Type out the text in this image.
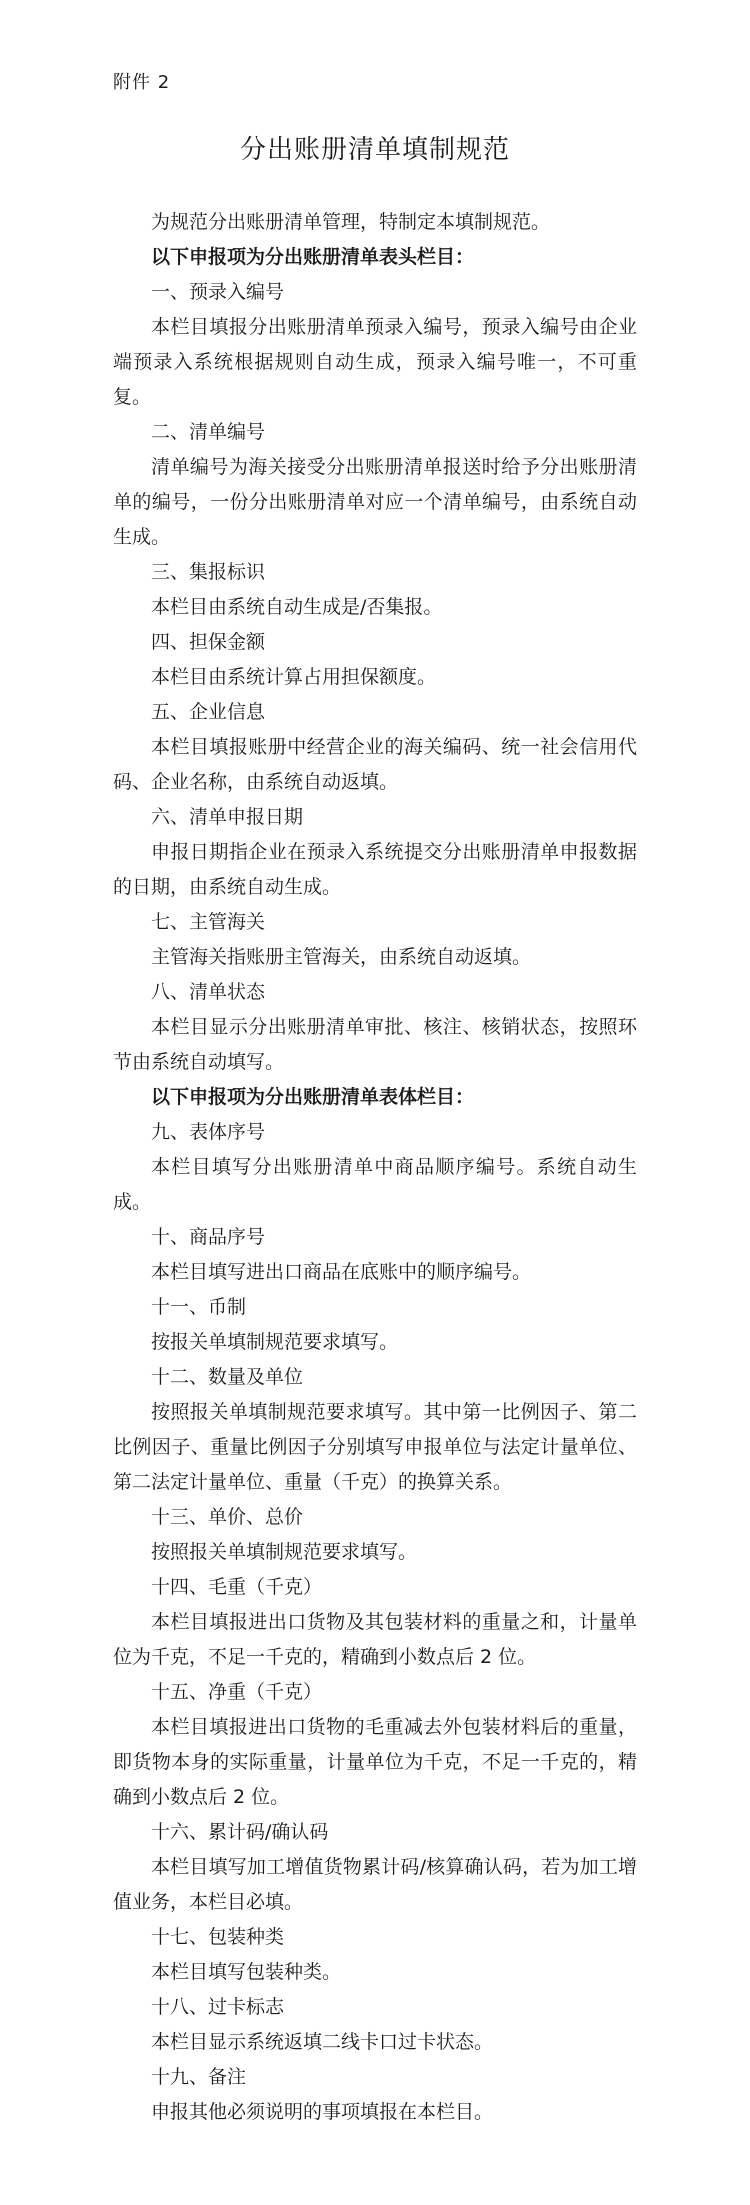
附件 2
分出账册清单填制规范

为规范分出账册清单管理，特制定本填制规范。

以下申报项为分出账册清单表头栏目：

一、预录入编号

本栏目填报分出账册清单预录入编号，预录入编号由企业端预录入系统根据规则自动生成，预录入编号唯一，不可重复。

二、清单编号

清单编号为海关接受分出账册清单报送时给予分出账册清单的编号，一份分出账册清单对应一个清单编号，由系统自动生成。

三、集报标识

本栏目由系统自动生成是/否集报。

四、担保金额

本栏目由系统计算占用担保额度。

五、企业信息

本栏目填报账册中经营企业的海关编码、统一社会信用代码、企业名称，由系统自动返填。

六、清单申报日期

申报日期指企业在预录入系统提交分出账册清单申报数据的日期，由系统自动生成。

七、主管海关

主管海关指账册主管海关，由系统自动返填。

八、清单状态

本栏目显示分出账册清单审批、核注、核销状态，按照环节由系统自动填写。

以下申报项为分出账册清单表体栏目：

九、表体序号

本栏目填写分出账册清单中商品顺序编号。系统自动生成。

十、商品序号

本栏目填写进出口商品在底账中的顺序编号。

十一、币制

按报关单填制规范要求填写。

十二、数量及单位

按照报关单填制规范要求填写。其中第一比例因子、第二比例因子、重量比例因子分别填写申报单位与法定计量单位、第二法定计量单位、重量（千克）的换算关系。

十三、单价、总价

按照报关单填制规范要求填写。

十四、毛重（千克）

本栏目填报进出口货物及其包装材料的重量之和，计量单位为千克，不足一千克的，精确到小数点后 2 位。

十五、净重（千克）

本栏目填报进出口货物的毛重减去外包装材料后的重量，即货物本身的实际重量，计量单位为千克，不足一千克的，精确到小数点后 2 位。

十六、累计码/确认码

本栏目填写加工增值货物累计码/核算确认码，若为加工增值业务，本栏目必填。

十七、包装种类

本栏目填写包装种类。

十八、过卡标志

本栏目显示系统返填二线卡口过卡状态。

十九、备注

申报其他必须说明的事项填报在本栏目。
